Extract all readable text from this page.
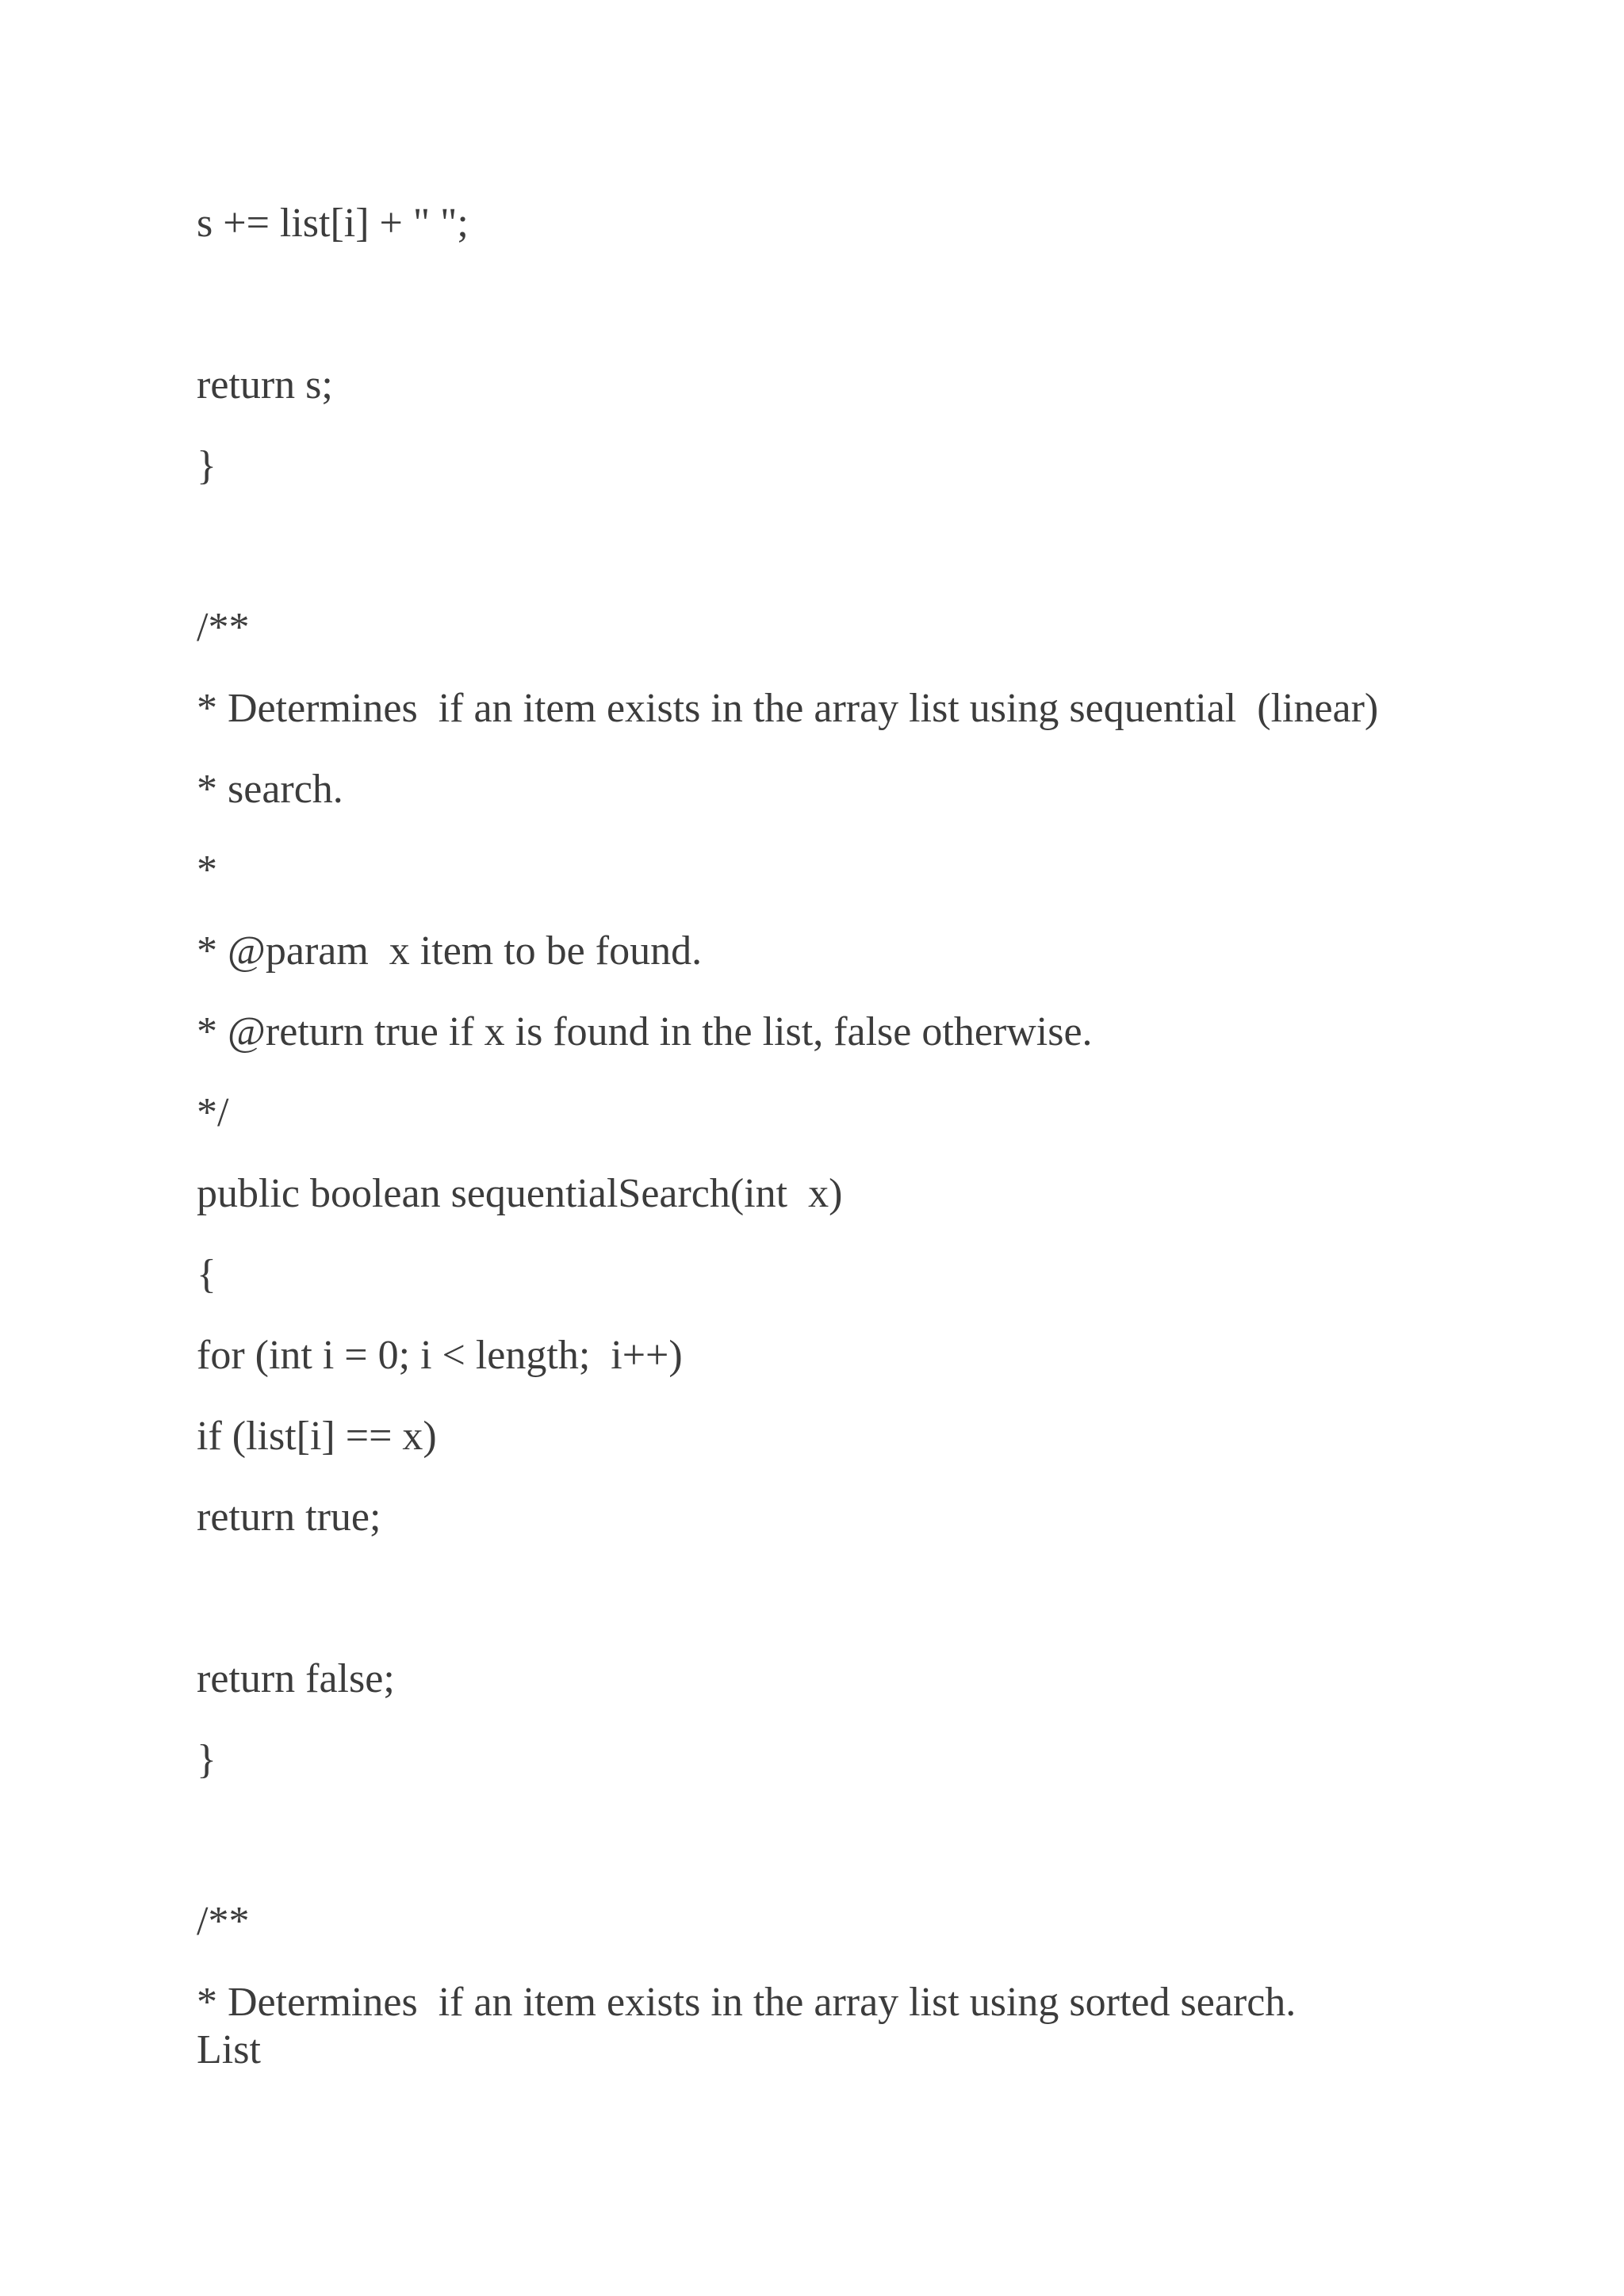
s += list[i] + " ";

return s;

}

/**

* Determines  if an item exists in the array list using sequential  (linear)

* search.

*

* @param  x item to be found.

* @return true if x is found in the list, false otherwise.

*/

public boolean sequentialSearch(int  x)

{

for (int i = 0; i < length;  i++)

if (list[i] == x)

return true;

return false;

}

/**

* Determines  if an item exists in the array list using sorted search.

List
